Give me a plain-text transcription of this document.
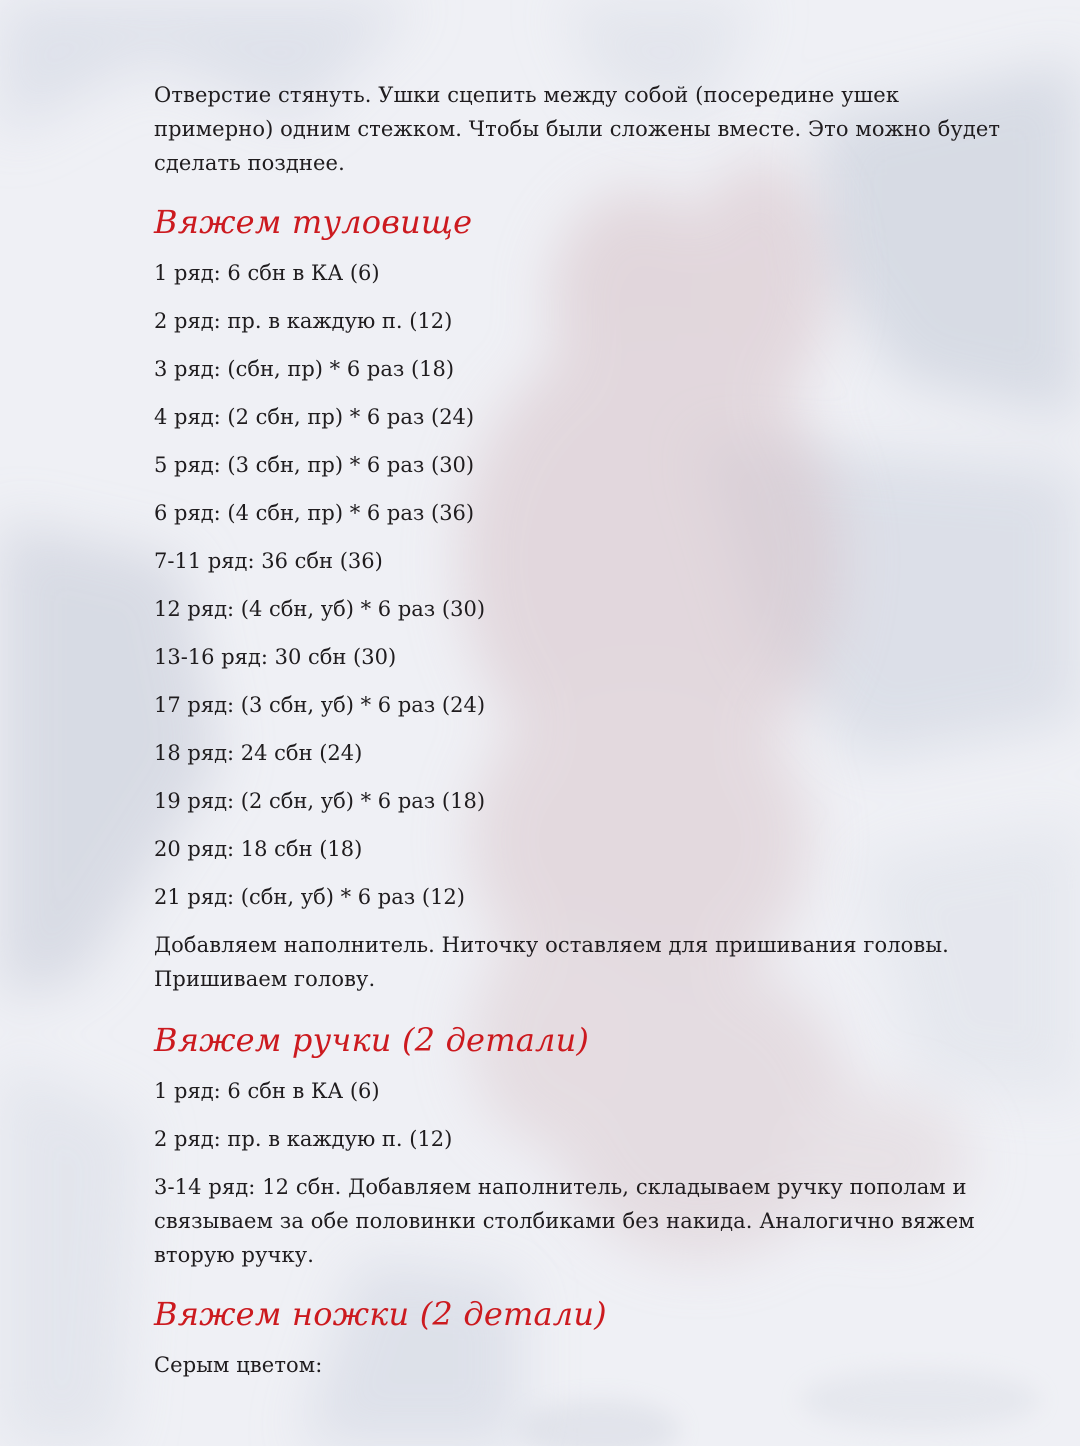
Отверстие стянуть. Ушки сцепить между собой (посередине ушек примерно) одним стежком. Чтобы были сложены вместе. Это можно будет сделать позднее.

Вяжем туловище

1 ряд: 6 сбн в КА (6)

2 ряд: пр. в каждую п. (12)

3 ряд: (сбн, пр) * 6 раз (18)

4 ряд: (2 сбн, пр) * 6 раз (24)

5 ряд: (3 сбн, пр) * 6 раз (30)

6 ряд: (4 сбн, пр) * 6 раз (36)

7-11 ряд: 36 сбн (36)

12 ряд: (4 сбн, уб) * 6 раз (30)

13-16 ряд: 30 сбн (30)

17 ряд: (3 сбн, уб) * 6 раз (24)

18 ряд: 24 сбн (24)

19 ряд: (2 сбн, уб) * 6 раз (18)

20 ряд: 18 сбн (18)

21 ряд: (сбн, уб) * 6 раз (12)

Добавляем наполнитель. Ниточку оставляем для пришивания головы. Пришиваем голову.

Вяжем ручки (2 детали)

1 ряд: 6 сбн в КА (6)

2 ряд: пр. в каждую п. (12)

3-14 ряд: 12 сбн. Добавляем наполнитель, складываем ручку пополам и связываем за обе половинки столбиками без накида. Аналогично вяжем вторую ручку.

Вяжем ножки (2 детали)

Серым цветом:
